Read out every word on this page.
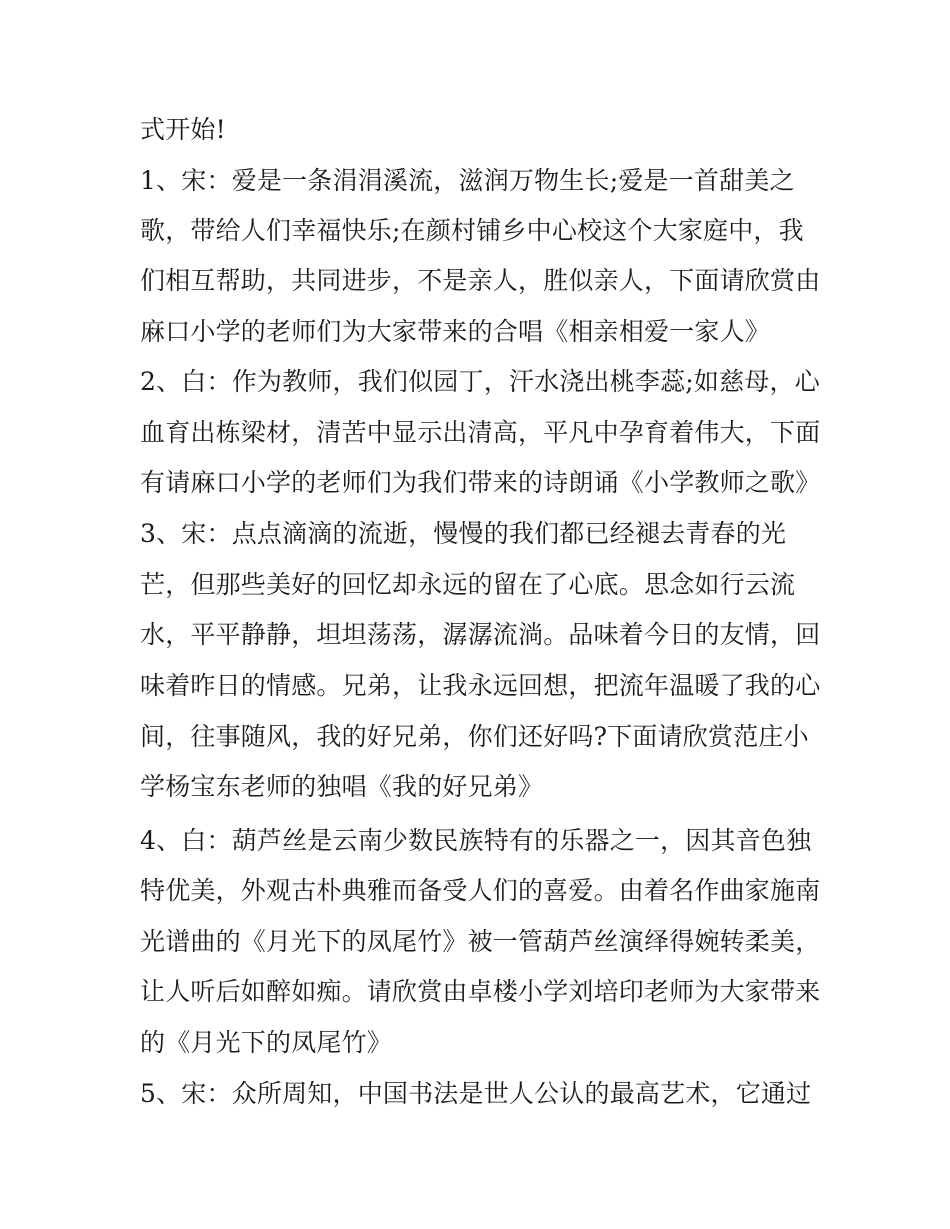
式开始!
1、宋：爱是一条涓涓溪流，滋润万物生长;爱是一首甜美之
歌，带给人们幸福快乐;在颜村铺乡中心校这个大家庭中，我
们相互帮助，共同进步，不是亲人，胜似亲人，下面请欣赏由
麻口小学的老师们为大家带来的合唱《相亲相爱一家人》
2、白：作为教师，我们似园丁，汗水浇出桃李蕊;如慈母，心
血育出栋梁材，清苦中显示出清高，平凡中孕育着伟大，下面
有请麻口小学的老师们为我们带来的诗朗诵《小学教师之歌》
3、宋：点点滴滴的流逝，慢慢的我们都已经褪去青春的光
芒，但那些美好的回忆却永远的留在了心底。思念如行云流
水，平平静静，坦坦荡荡，潺潺流淌。品味着今日的友情，回
味着昨日的情感。兄弟，让我永远回想，把流年温暖了我的心
间，往事随风，我的好兄弟，你们还好吗?下面请欣赏范庄小
学杨宝东老师的独唱《我的好兄弟》
4、白：葫芦丝是云南少数民族特有的乐器之一，因其音色独
特优美，外观古朴典雅而备受人们的喜爱。由着名作曲家施南
光谱曲的《月光下的凤尾竹》被一管葫芦丝演绎得婉转柔美，
让人听后如醉如痴。请欣赏由卓楼小学刘培印老师为大家带来
的《月光下的凤尾竹》
5、宋：众所周知，中国书法是世人公认的最高艺术，它通过
